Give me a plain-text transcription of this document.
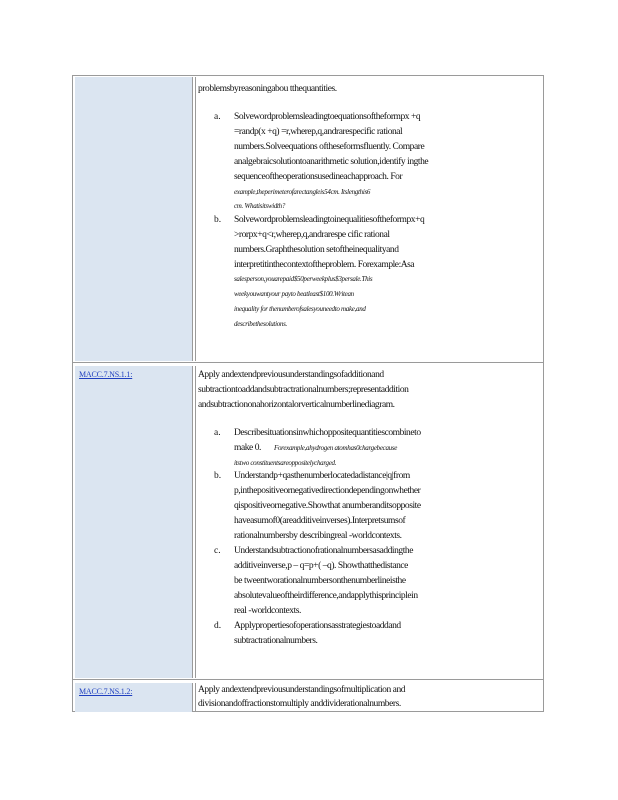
problemsbyreasoningabou tthequantities.
a. Solvewordproblemsleadingtoequationsoftheformpx +q
=randp(x +q) =r,wherep,q,andrarespecific rational
numbers.Solveequations oftheseformsfluently. Compare
analgebraicsolutiontoanarithmetic solution,identify ingthe
sequenceoftheoperationsusedineachapproach. For
example,theperimeterofarectangleis54cm. Itslengthis6
cm. Whatisitswidth?
b. Solvewordproblemsleadingtoinequalitiesoftheformpx+q
>rorpx+q<r,wherep,q,andrarespe cific rational
numbers.Graphthesolution setoftheinequalityand
interpretitinthecontextoftheproblem. Forexample:Asa
salesperson,youarepaid$50perweekplus$3persale.This
weekyouwantyour payto beatleast$100.Writean
inequality for thenumberofsalesyouneedto make,and
describethesolutions.
MACC.7.NS.1.1:	Apply andextendpreviousunderstandingsofadditionand
subtractiontoaddandsubtractrationalnumbers;representaddition
andsubtractiononahorizontalorverticalnumberlinediagram.
a. Describesituationsinwhichoppositequantitiescombineto
make 0. Forexample,ahydrogen atomhas0chargebecause
itstwo constituentsareoppositelycharged.
b. Understandp+qasthenumberlocatedadistance|q|from
p,inthepositiveornegativedirectiondependingonwhether
qispositiveornegative.Showthat anumberanditsopposite
haveasumof0(areadditiveinverses).Interpretsumsof
rationalnumbersby describingreal -worldcontexts.
c. Understandsubtractionofrationalnumbersasaddingthe
additiveinverse,p – q=p+( –q). Showthatthedistance
be tweentworationalnumbersonthenumberlineisthe
absolutevalueoftheirdifference,andapplythisprinciplein
real -worldcontexts.
d. Applypropertiesofoperationsasstrategiestoaddand
subtractrationalnumbers.
MACC.7.NS.1.2:	Apply andextendpreviousunderstandingsofmultiplication and
divisionandoffractionstomultiply anddividerationalnumbers.
